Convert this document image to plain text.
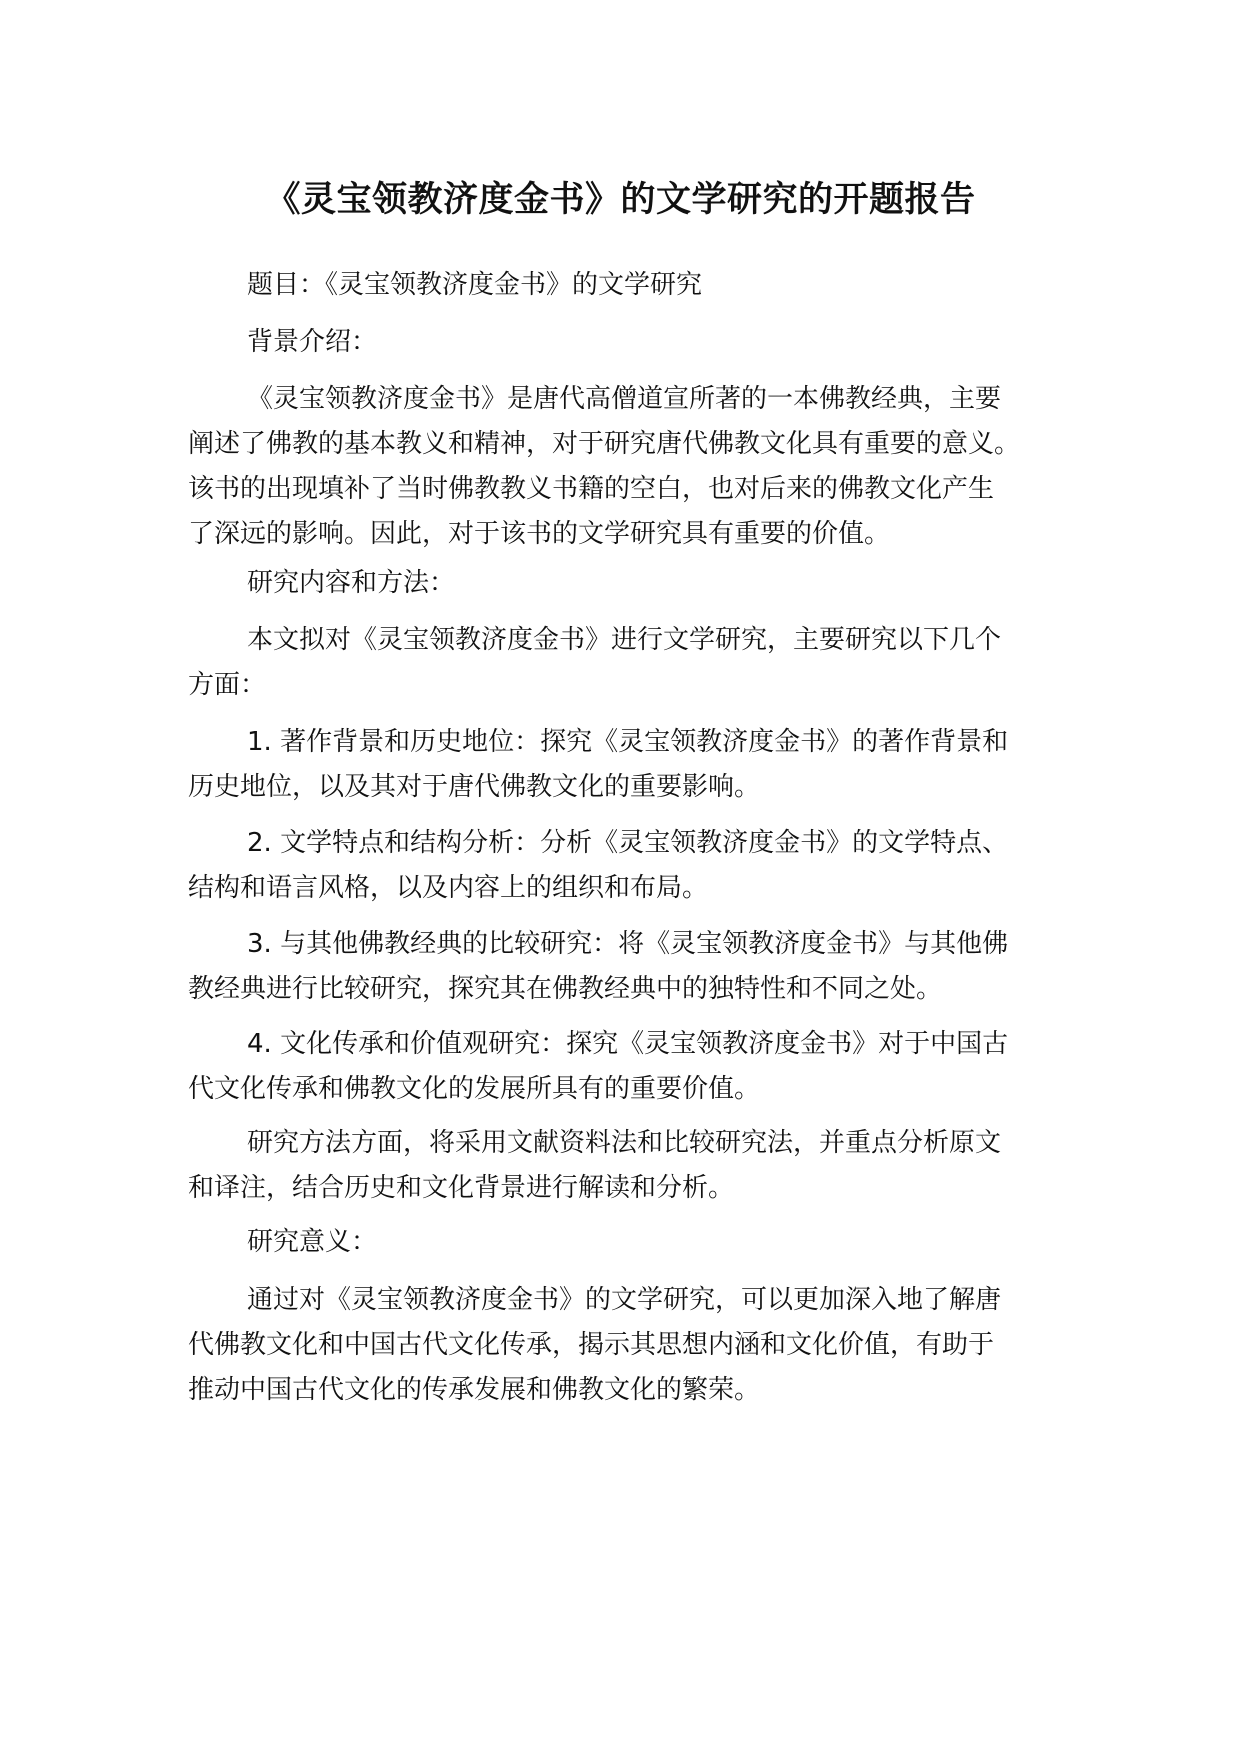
《灵宝领教济度金书》的文学研究的开题报告
题目：《灵宝领教济度金书》的文学研究
背景介绍：
《灵宝领教济度金书》是唐代高僧道宣所著的一本佛教经典，主要
阐述了佛教的基本教义和精神，对于研究唐代佛教文化具有重要的意义。
该书的出现填补了当时佛教教义书籍的空白，也对后来的佛教文化产生
了深远的影响。因此，对于该书的文学研究具有重要的价值。
研究内容和方法：
本文拟对《灵宝领教济度金书》进行文学研究，主要研究以下几个
方面：
1. 著作背景和历史地位：探究《灵宝领教济度金书》的著作背景和
历史地位，以及其对于唐代佛教文化的重要影响。
2. 文学特点和结构分析：分析《灵宝领教济度金书》的文学特点、
结构和语言风格，以及内容上的组织和布局。
3. 与其他佛教经典的比较研究：将《灵宝领教济度金书》与其他佛
教经典进行比较研究，探究其在佛教经典中的独特性和不同之处。
4. 文化传承和价值观研究：探究《灵宝领教济度金书》对于中国古
代文化传承和佛教文化的发展所具有的重要价值。
研究方法方面，将采用文献资料法和比较研究法，并重点分析原文
和译注，结合历史和文化背景进行解读和分析。
研究意义：
通过对《灵宝领教济度金书》的文学研究，可以更加深入地了解唐
代佛教文化和中国古代文化传承，揭示其思想内涵和文化价值，有助于
推动中国古代文化的传承发展和佛教文化的繁荣。
